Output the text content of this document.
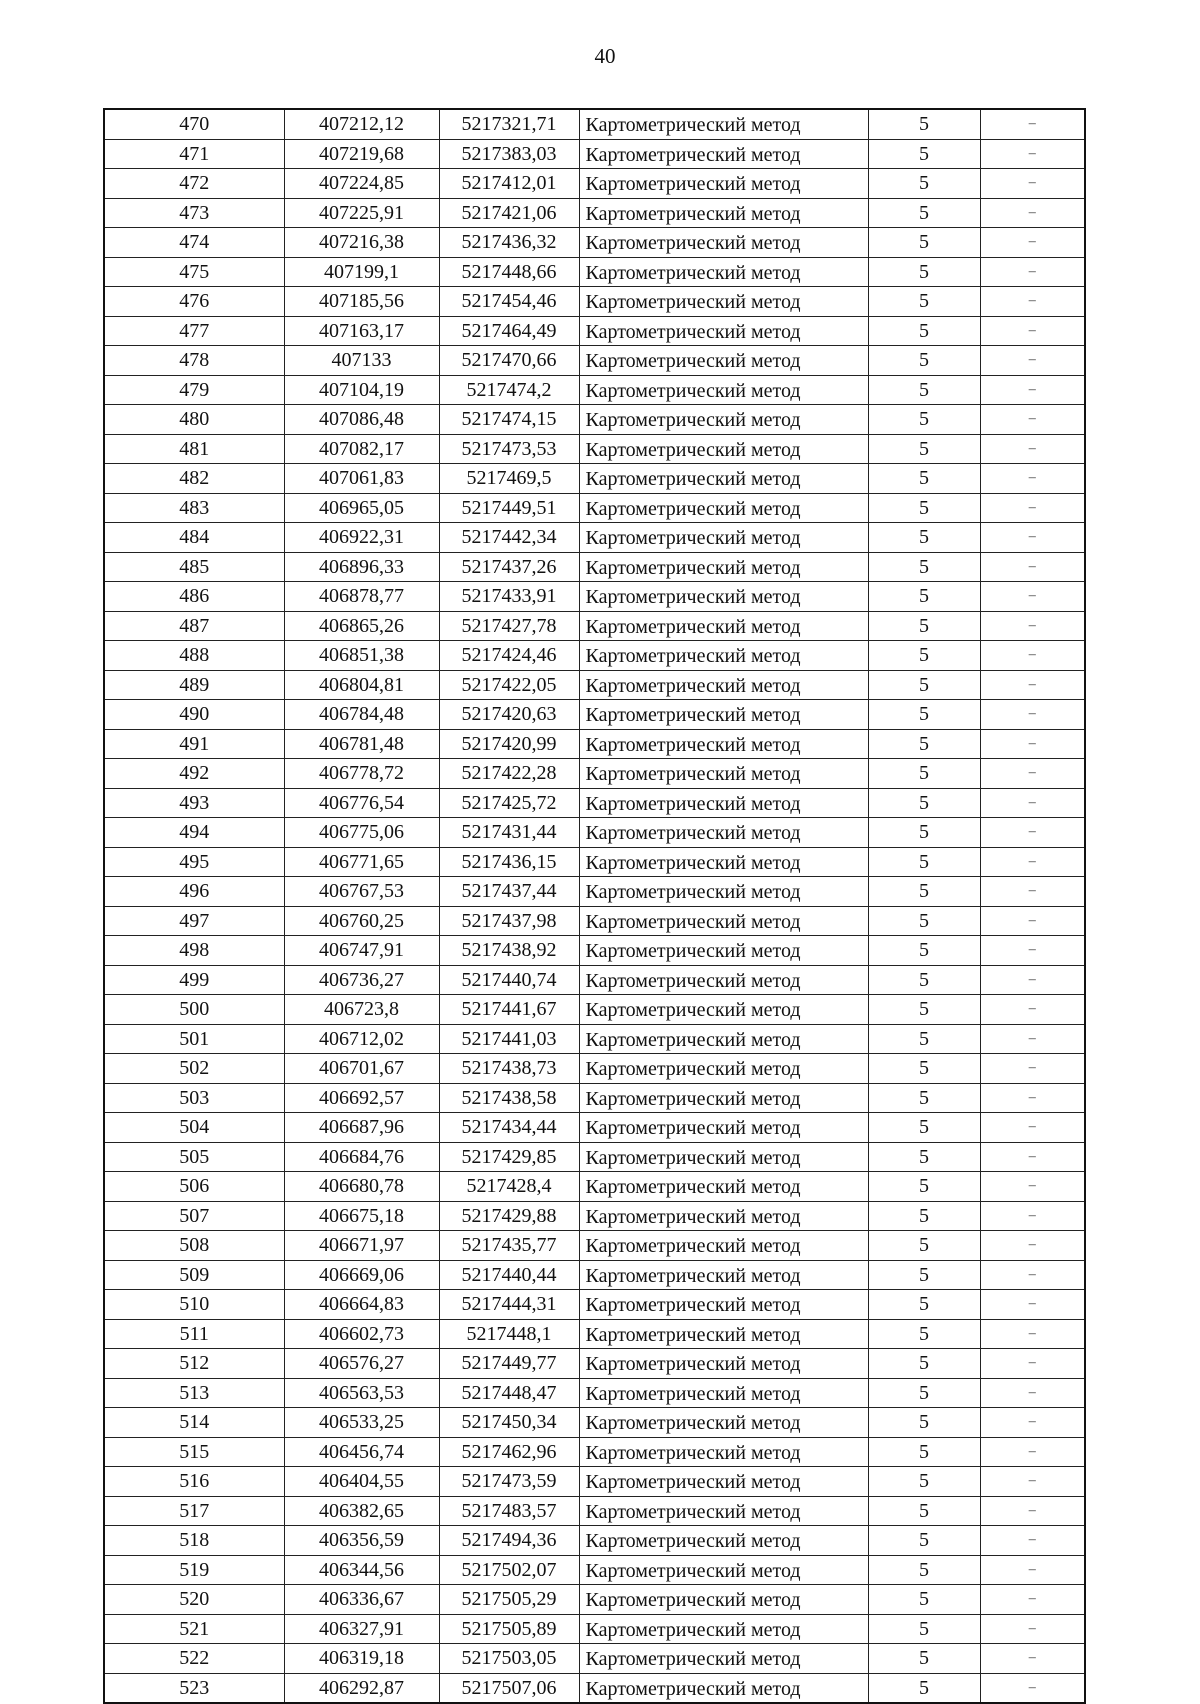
40
470	407212,12	5217321,71	Картометрический метод	5	–
471	407219,68	5217383,03	Картометрический метод	5	–
472	407224,85	5217412,01	Картометрический метод	5	–
473	407225,91	5217421,06	Картометрический метод	5	–
474	407216,38	5217436,32	Картометрический метод	5	–
475	407199,1	5217448,66	Картометрический метод	5	–
476	407185,56	5217454,46	Картометрический метод	5	–
477	407163,17	5217464,49	Картометрический метод	5	–
478	407133	5217470,66	Картометрический метод	5	–
479	407104,19	5217474,2	Картометрический метод	5	–
480	407086,48	5217474,15	Картометрический метод	5	–
481	407082,17	5217473,53	Картометрический метод	5	–
482	407061,83	5217469,5	Картометрический метод	5	–
483	406965,05	5217449,51	Картометрический метод	5	–
484	406922,31	5217442,34	Картометрический метод	5	–
485	406896,33	5217437,26	Картометрический метод	5	–
486	406878,77	5217433,91	Картометрический метод	5	–
487	406865,26	5217427,78	Картометрический метод	5	–
488	406851,38	5217424,46	Картометрический метод	5	–
489	406804,81	5217422,05	Картометрический метод	5	–
490	406784,48	5217420,63	Картометрический метод	5	–
491	406781,48	5217420,99	Картометрический метод	5	–
492	406778,72	5217422,28	Картометрический метод	5	–
493	406776,54	5217425,72	Картометрический метод	5	–
494	406775,06	5217431,44	Картометрический метод	5	–
495	406771,65	5217436,15	Картометрический метод	5	–
496	406767,53	5217437,44	Картометрический метод	5	–
497	406760,25	5217437,98	Картометрический метод	5	–
498	406747,91	5217438,92	Картометрический метод	5	–
499	406736,27	5217440,74	Картометрический метод	5	–
500	406723,8	5217441,67	Картометрический метод	5	–
501	406712,02	5217441,03	Картометрический метод	5	–
502	406701,67	5217438,73	Картометрический метод	5	–
503	406692,57	5217438,58	Картометрический метод	5	–
504	406687,96	5217434,44	Картометрический метод	5	–
505	406684,76	5217429,85	Картометрический метод	5	–
506	406680,78	5217428,4	Картометрический метод	5	–
507	406675,18	5217429,88	Картометрический метод	5	–
508	406671,97	5217435,77	Картометрический метод	5	–
509	406669,06	5217440,44	Картометрический метод	5	–
510	406664,83	5217444,31	Картометрический метод	5	–
511	406602,73	5217448,1	Картометрический метод	5	–
512	406576,27	5217449,77	Картометрический метод	5	–
513	406563,53	5217448,47	Картометрический метод	5	–
514	406533,25	5217450,34	Картометрический метод	5	–
515	406456,74	5217462,96	Картометрический метод	5	–
516	406404,55	5217473,59	Картометрический метод	5	–
517	406382,65	5217483,57	Картометрический метод	5	–
518	406356,59	5217494,36	Картометрический метод	5	–
519	406344,56	5217502,07	Картометрический метод	5	–
520	406336,67	5217505,29	Картометрический метод	5	–
521	406327,91	5217505,89	Картометрический метод	5	–
522	406319,18	5217503,05	Картометрический метод	5	–
523	406292,87	5217507,06	Картометрический метод	5	–
